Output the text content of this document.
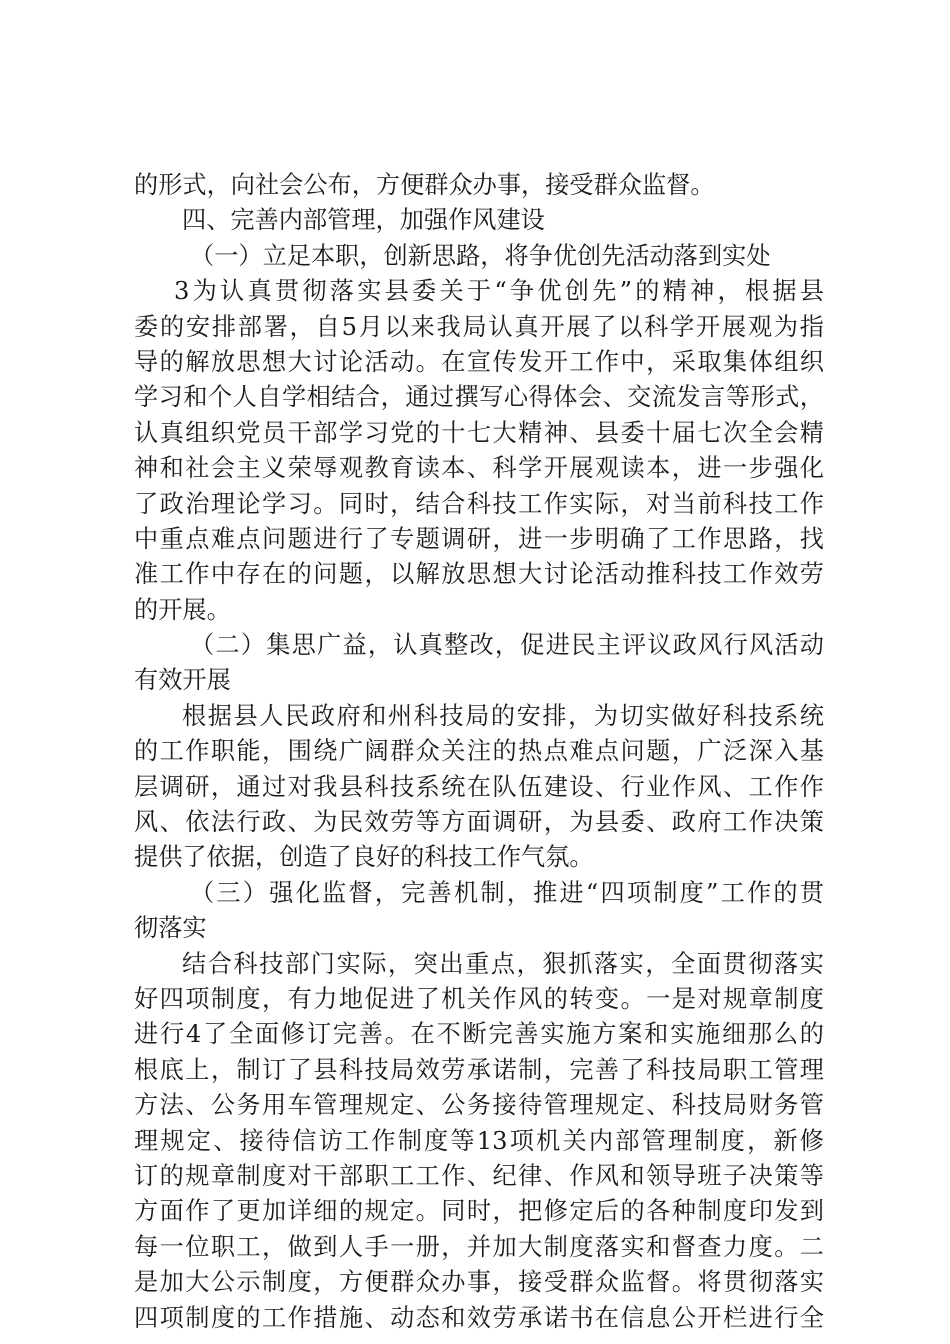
的形式，向社会公布，方便群众办事，接受群众监督。
四、完善内部管理，加强作风建设
（一）立足本职，创新思路，将争优创先活动落到实处
3为认真贯彻落实县委关于“争优创先”的精神，根据县
委的安排部署，自5月以来我局认真开展了以科学开展观为指
导的解放思想大讨论活动。在宣传发开工作中，采取集体组织
学习和个人自学相结合，通过撰写心得体会、交流发言等形式，
认真组织党员干部学习党的十七大精神、县委十届七次全会精
神和社会主义荣辱观教育读本、科学开展观读本，进一步强化
了政治理论学习。同时，结合科技工作实际，对当前科技工作
中重点难点问题进行了专题调研，进一步明确了工作思路，找
准工作中存在的问题，以解放思想大讨论活动推科技工作效劳
的开展。
（二）集思广益，认真整改，促进民主评议政风行风活动
有效开展
根据县人民政府和州科技局的安排，为切实做好科技系统
的工作职能，围绕广阔群众关注的热点难点问题，广泛深入基
层调研，通过对我县科技系统在队伍建设、行业作风、工作作
风、依法行政、为民效劳等方面调研，为县委、政府工作决策
提供了依据，创造了良好的科技工作气氛。
（三）强化监督，完善机制，推进“四项制度”工作的贯
彻落实
结合科技部门实际，突出重点，狠抓落实，全面贯彻落实
好四项制度，有力地促进了机关作风的转变。一是对规章制度
进行4了全面修订完善。在不断完善实施方案和实施细那么的
根底上，制订了县科技局效劳承诺制，完善了科技局职工管理
方法、公务用车管理规定、公务接待管理规定、科技局财务管
理规定、接待信访工作制度等13项机关内部管理制度，新修
订的规章制度对干部职工工作、纪律、作风和领导班子决策等
方面作了更加详细的规定。同时，把修定后的各种制度印发到
每一位职工，做到人手一册，并加大制度落实和督查力度。二
是加大公示制度，方便群众办事，接受群众监督。将贯彻落实
四项制度的工作措施、动态和效劳承诺书在信息公开栏进行全
